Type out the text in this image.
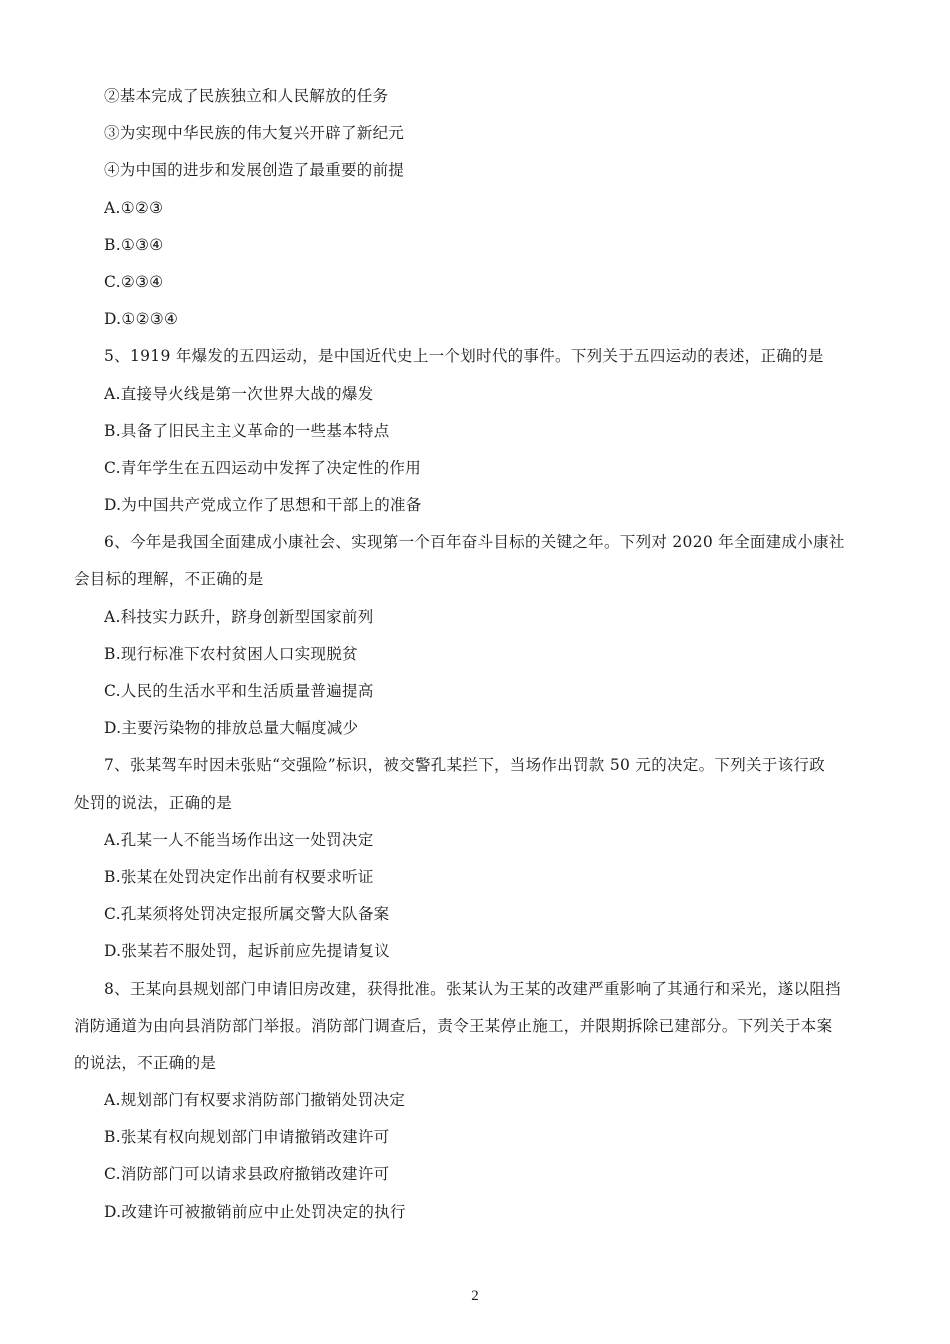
②基本完成了民族独立和人民解放的任务
③为实现中华民族的伟大复兴开辟了新纪元
④为中国的进步和发展创造了最重要的前提
A.①②③
B.①③④
C.②③④
D.①②③④
5、1919 年爆发的五四运动，是中国近代史上一个划时代的事件。下列关于五四运动的表述，正确的是
A.直接导火线是第一次世界大战的爆发
B.具备了旧民主主义革命的一些基本特点
C.青年学生在五四运动中发挥了决定性的作用
D.为中国共产党成立作了思想和干部上的准备
6、今年是我国全面建成小康社会、实现第一个百年奋斗目标的关键之年。下列对 2020 年全面建成小康社
会目标的理解，不正确的是
A.科技实力跃升，跻身创新型国家前列
B.现行标准下农村贫困人口实现脱贫
C.人民的生活水平和生活质量普遍提高
D.主要污染物的排放总量大幅度减少
7、张某驾车时因未张贴“交强险”标识，被交警孔某拦下，当场作出罚款 50 元的决定。下列关于该行政
处罚的说法，正确的是
A.孔某一人不能当场作出这一处罚决定
B.张某在处罚决定作出前有权要求听证
C.孔某须将处罚决定报所属交警大队备案
D.张某若不服处罚，起诉前应先提请复议
8、王某向县规划部门申请旧房改建，获得批准。张某认为王某的改建严重影响了其通行和采光，遂以阻挡
消防通道为由向县消防部门举报。消防部门调查后，责令王某停止施工，并限期拆除已建部分。下列关于本案
的说法，不正确的是
A.规划部门有权要求消防部门撤销处罚决定
B.张某有权向规划部门申请撤销改建许可
C.消防部门可以请求县政府撤销改建许可
D.改建许可被撤销前应中止处罚决定的执行
2
